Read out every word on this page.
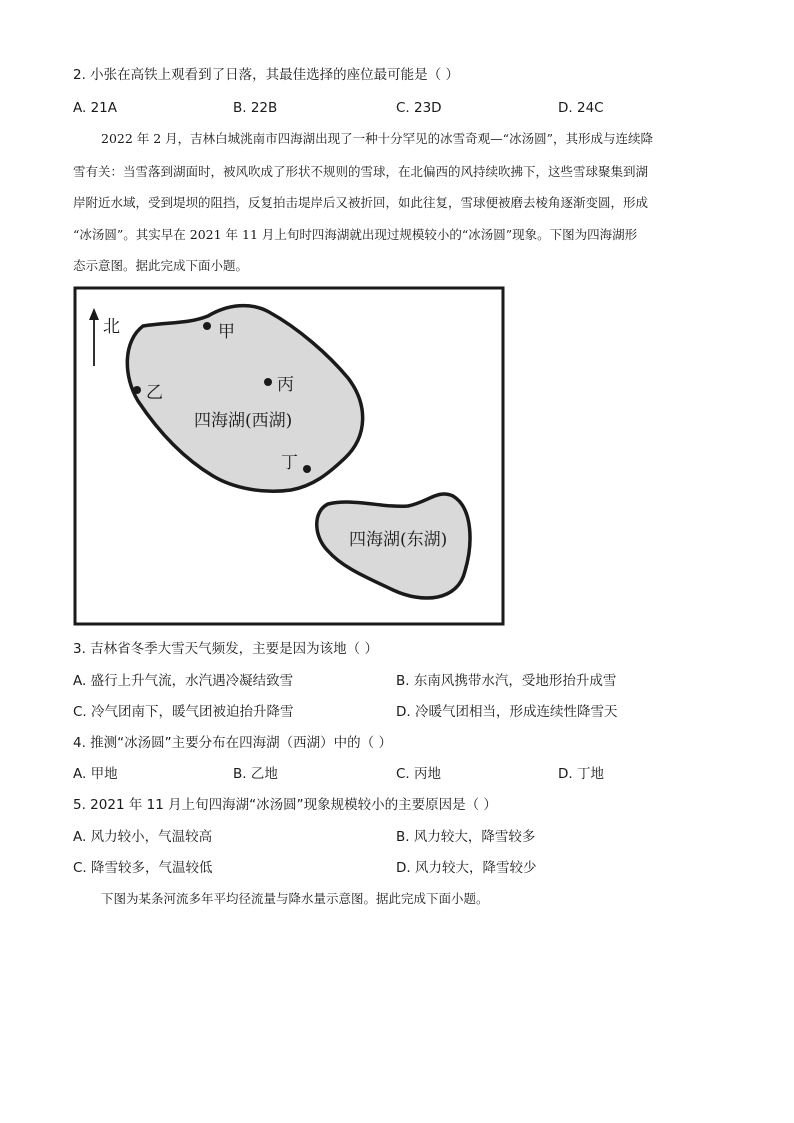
2. 小张在高铁上观看到了日落，其最佳选择的座位最可能是（ ）
A. 21A	B. 22B	C. 23D	D. 24C
2022 年 2 月，吉林白城洮南市四海湖出现了一种十分罕见的冰雪奇观—“冰汤圆”，其形成与连续降
雪有关：当雪落到湖面时，被风吹成了形状不规则的雪球，在北偏西的风持续吹拂下，这些雪球聚集到湖
岸附近水域，受到堤坝的阻挡，反复拍击堤岸后又被折回，如此往复，雪球便被磨去棱角逐渐变圆，形成
“冰汤圆”。其实早在 2021 年 11 月上旬时四海湖就出现过规模较小的“冰汤圆”现象。下图为四海湖形
态示意图。据此完成下面小题。
北	甲
乙	丙
丁
四海湖(西湖)
四海湖(东湖)
3. 吉林省冬季大雪天气频发，主要是因为该地（ ）
A. 盛行上升气流，水汽遇冷凝结致雪	B. 东南风携带水汽，受地形抬升成雪
C. 冷气团南下，暖气团被迫抬升降雪	D. 冷暖气团相当，形成连续性降雪天
4. 推测“冰汤圆”主要分布在四海湖（西湖）中的（ ）
A. 甲地	B. 乙地	C. 丙地	D. 丁地
5. 2021 年 11 月上旬四海湖“冰汤圆”现象规模较小的主要原因是（ ）
A. 风力较小，气温较高	B. 风力较大，降雪较多
C. 降雪较多，气温较低	D. 风力较大，降雪较少
下图为某条河流多年平均径流量与降水量示意图。据此完成下面小题。
